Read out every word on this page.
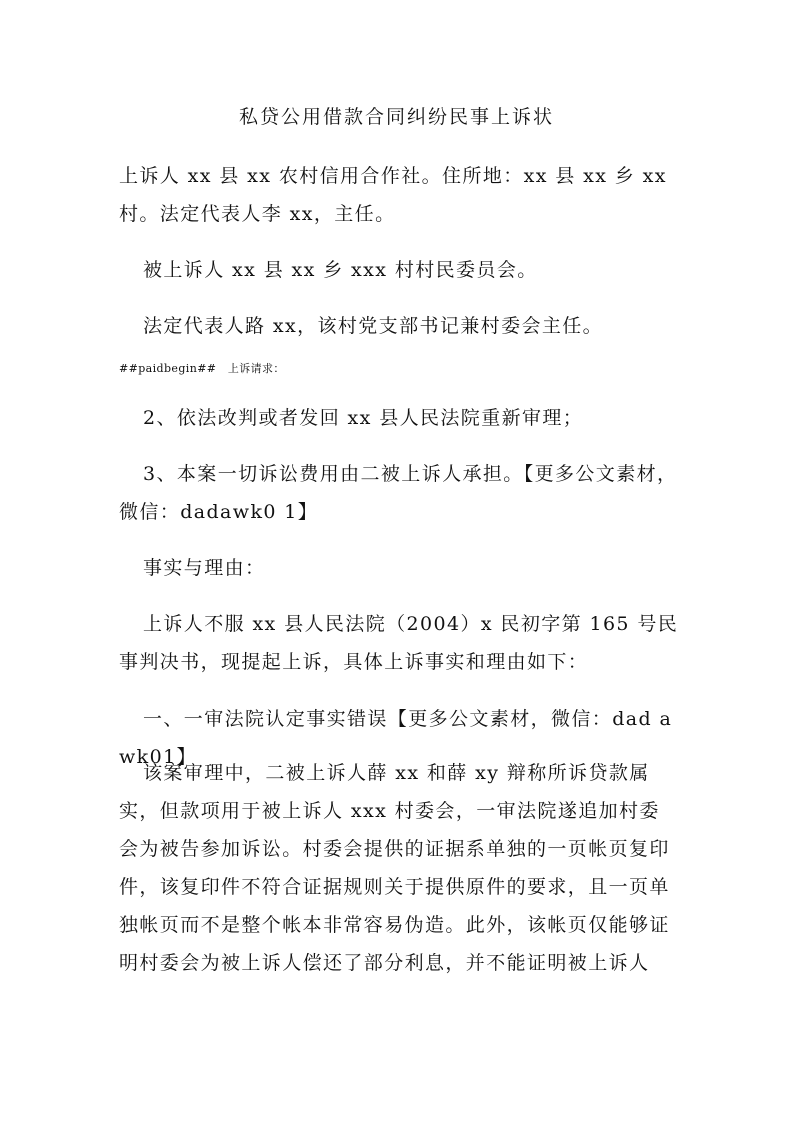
私贷公用借款合同纠纷民事上诉状

上诉人 xx 县 xx 农村信用合作社。住所地：xx 县 xx 乡 xx 村。法定代表人李 xx，主任。

被上诉人 xx 县 xx 乡 xxx 村村民委员会。

法定代表人路 xx，该村党支部书记兼村委会主任。

##paidbegin##　上诉请求：

2、依法改判或者发回 xx 县人民法院重新审理；

3、本案一切诉讼费用由二被上诉人承担。【更多公文素材，微信：dadawk0 1】

事实与理由：

上诉人不服 xx 县人民法院（2004）x 民初字第 165 号民事判决书，现提起上诉，具体上诉事实和理由如下：

一、一审法院认定事实错误【更多公文素材，微信：dad awk01】

该案审理中，二被上诉人薛 xx 和薛 xy 辩称所诉贷款属实，但款项用于被上诉人 xxx 村委会，一审法院遂追加村委会为被告参加诉讼。村委会提供的证据系单独的一页帐页复印件，该复印件不符合证据规则关于提供原件的要求，且一页单独帐页而不是整个帐本非常容易伪造。此外，该帐页仅能够证明村委会为被上诉人偿还了部分利息，并不能证明被上诉人
